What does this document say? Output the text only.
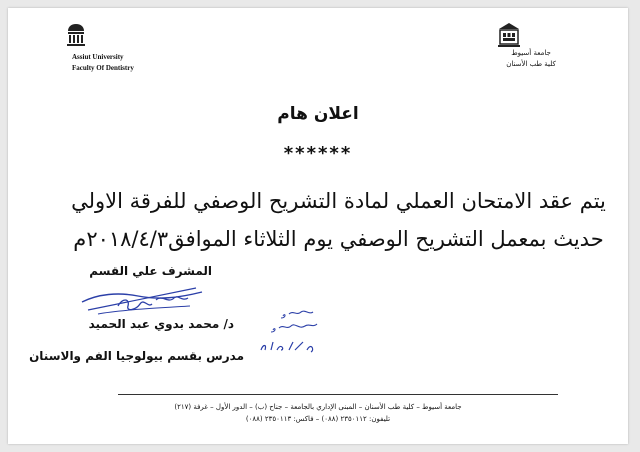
Assiut University
Faculty Of Dentistry
جامعة أسيوط
كلية طب الأسنان
اعلان هام
******
يتم عقد الامتحان العملي لمادة التشريح الوصفي للفرقة الاولي
حديث بمعمل التشريح الوصفي يوم الثلاثاء الموافق٢٠١٨/٤/٣م
المشرف علي القسم
د/ محمد بدوي عبد الحميد
مدرس بقسم بيولوجيا الفم والاسنان
جامعة أسيوط – كلية طب الأسنان – المبنى الإداري بالجامعة – جناح (ب) – الدور الأول – غرفة (٢١٧)
تليفون: ٢٣٥٠١١٢ (٠٨٨) – فاكس: ٢٣٥٠١١٣ (٠٨٨)
